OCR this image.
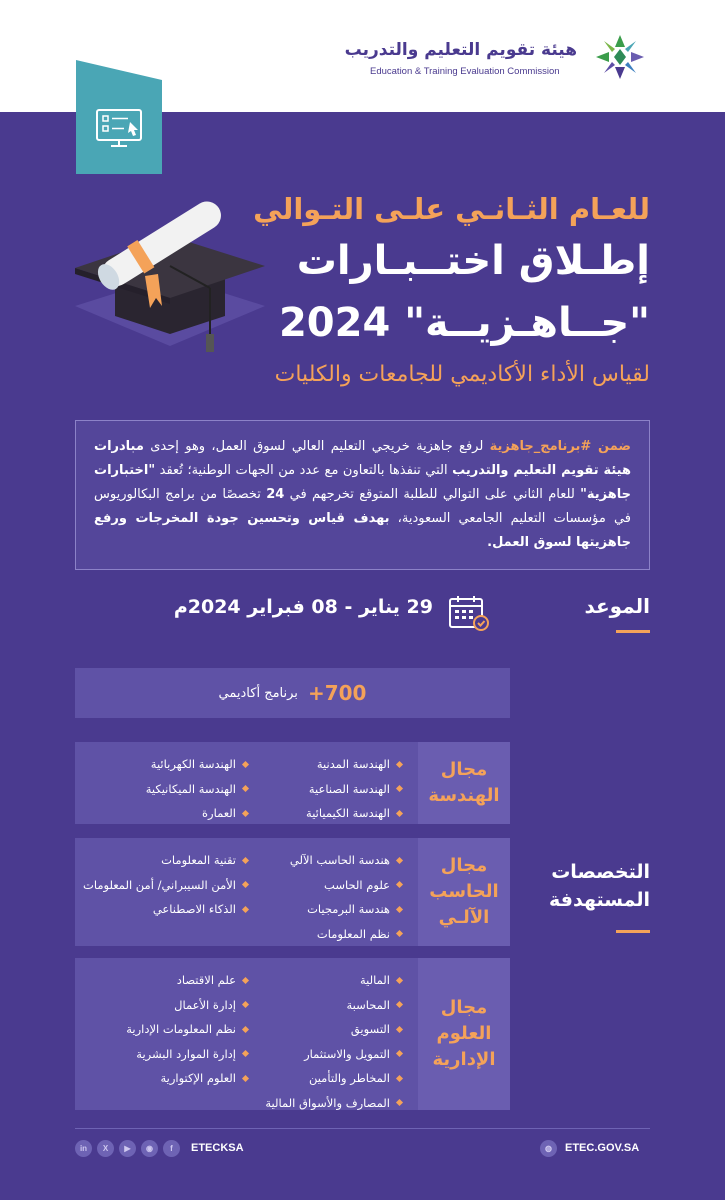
هيئة تقويم التعليم والتدريب
Education & Training Evaluation Commission
للعـام الثـانـي علـى التـوالي
إطـلاق اختــبـارات
"جــاهـزيــة" 2024
لقياس الأداء الأكاديمي للجامعات والكليات
ضمن #برنامج_جاهزية لرفع جاهزية خريجي التعليم العالي لسوق العمل، وهو إحدى مبادرات هيئة تقويم التعليم والتدريب التي تنفذها بالتعاون مع عدد من الجهات الوطنية؛ تُعقد "اختبارات جاهزية" للعام الثاني على التوالي للطلبة المتوقع تخرجهم في 24 تخصصًا من برامج البكالوريوس في مؤسسات التعليم الجامعي السعودية، بهدف قياس وتحسين جودة المخرجات ورفع جاهزيتها لسوق العمل.
الموعد
29 يناير - 08 فبراير 2024م
+700
برنامج أكاديمي
التخصصات المستهدفة
مجال الهندسة
الهندسة المدنية
الهندسة الصناعية
الهندسة الكيميائية
الهندسة الكهربائية
الهندسة الميكانيكية
العمارة
مجال الحاسب الآلـي
هندسة الحاسب الآلي
علوم الحاسب
هندسة البرمجيات
نظم المعلومات
تقنية المعلومات
الأمن السيبراني/ أمن المعلومات
الذكاء الاصطناعي
مجال العلوم الإدارية
المالية
المحاسبة
التسويق
التمويل والاستثمار
المخاطر والتأمين
المصارف والأسواق المالية
علم الاقتصاد
إدارة الأعمال
نظم المعلومات الإدارية
إدارة الموارد البشرية
العلوم الإكتوارية
◍	ETEC.GOV.SA
in	X	▶	◉	f	ETECKSA
